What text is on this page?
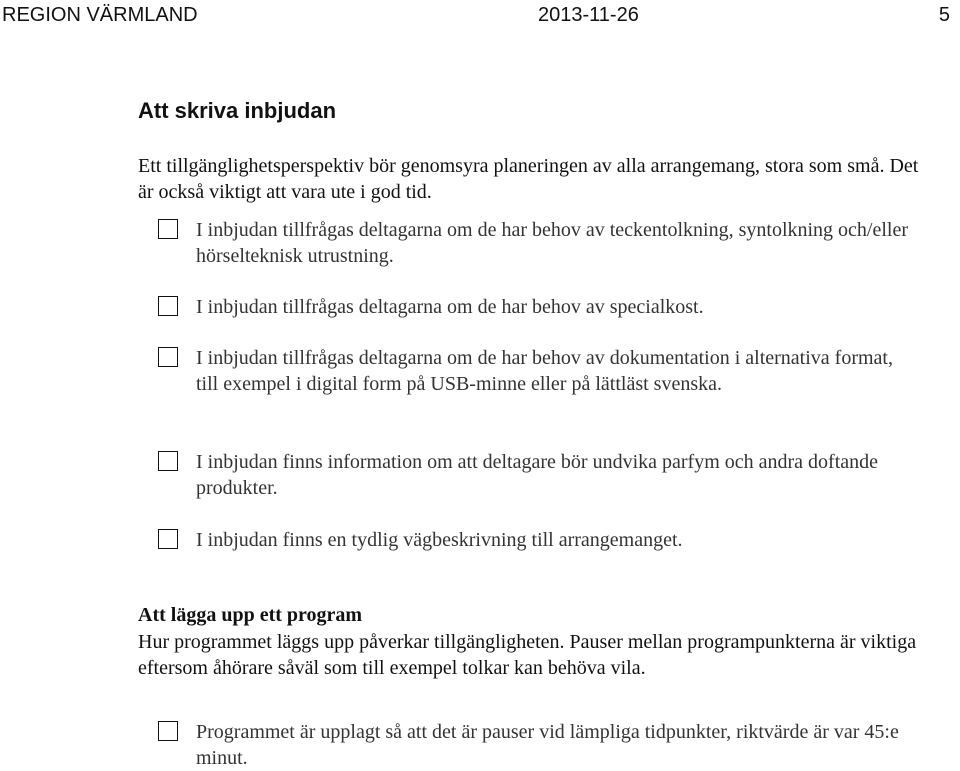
REGION VÄRMLAND	2013-11-26	5
Att skriva inbjudan

Ett tillgänglighetsperspektiv bör genomsyra planeringen av alla arrangemang, stora som små. Det är också viktigt att vara ute i god tid.

I inbjudan tillfrågas deltagarna om de har behov av teckentolkning, syntolkning och/eller hörselteknisk utrustning.
I inbjudan tillfrågas deltagarna om de har behov av specialkost.
I inbjudan tillfrågas deltagarna om de har behov av dokumentation i alternativa format, till exempel i digital form på USB-minne eller på lättläst svenska.
I inbjudan finns information om att deltagare bör undvika parfym och andra doftande produkter.
I inbjudan finns en tydlig vägbeskrivning till arrangemanget.
Att lägga upp ett program

Hur programmet läggs upp påverkar tillgängligheten. Pauser mellan programpunkterna är viktiga eftersom åhörare såväl som till exempel tolkar kan behöva vila.

Programmet är upplagt så att det är pauser vid lämpliga tidpunkter, riktvärde är var 45:e minut.
